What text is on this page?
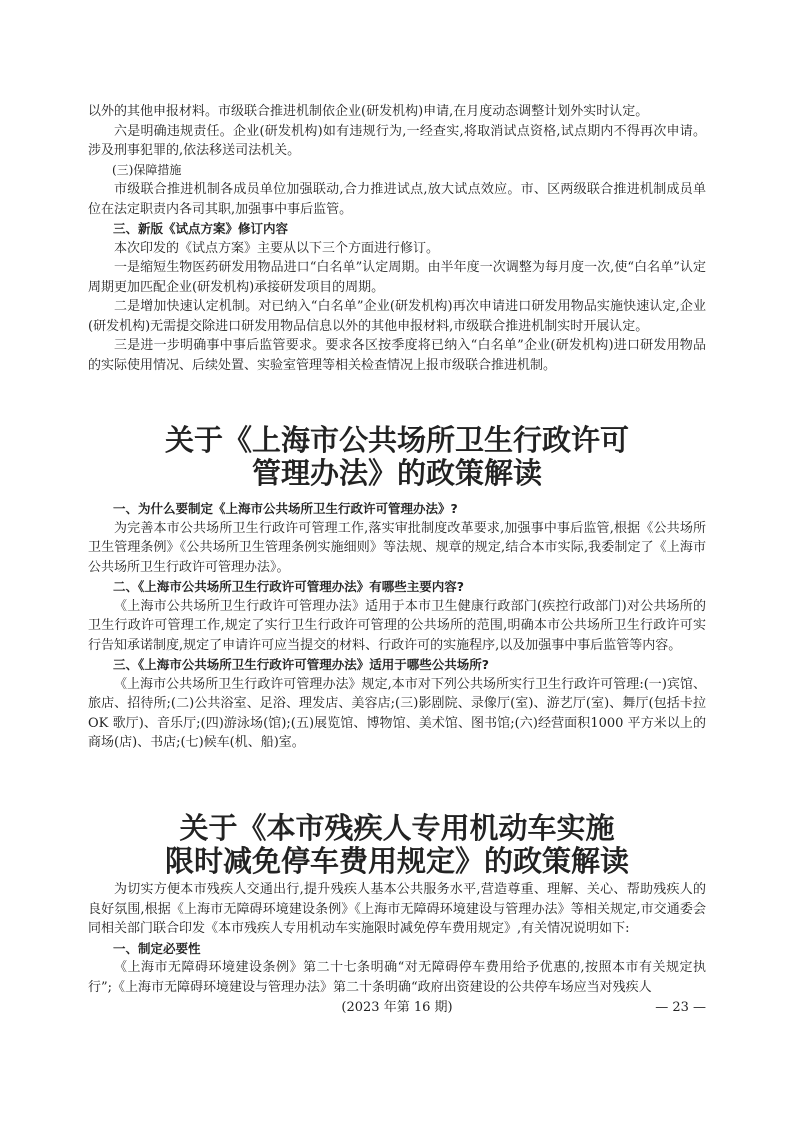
以外的其他申报材料。市级联合推进机制依企业(研发机构)申请,在月度动态调整计划外实时认定。

六是明确违规责任。企业(研发机构)如有违规行为,一经查实,将取消试点资格,试点期内不得再次申请。涉及刑事犯罪的,依法移送司法机关。

(三)保障措施

市级联合推进机制各成员单位加强联动,合力推进试点,放大试点效应。市、区两级联合推进机制成员单位在法定职责内各司其职,加强事中事后监管。

三、新版《试点方案》修订内容

本次印发的《试点方案》主要从以下三个方面进行修订。

一是缩短生物医药研发用物品进口“白名单”认定周期。由半年度一次调整为每月度一次,使“白名单”认定周期更加匹配企业(研发机构)承接研发项目的周期。

二是增加快速认定机制。对已纳入“白名单”企业(研发机构)再次申请进口研发用物品实施快速认定,企业(研发机构)无需提交除进口研发用物品信息以外的其他申报材料,市级联合推进机制实时开展认定。

三是进一步明确事中事后监管要求。要求各区按季度将已纳入“白名单”企业(研发机构)进口研发用物品的实际使用情况、后续处置、实验室管理等相关检查情况上报市级联合推进机制。

关于《上海市公共场所卫生行政许可
管理办法》的政策解读

一、为什么要制定《上海市公共场所卫生行政许可管理办法》?

为完善本市公共场所卫生行政许可管理工作,落实审批制度改革要求,加强事中事后监管,根据《公共场所卫生管理条例》《公共场所卫生管理条例实施细则》等法规、规章的规定,结合本市实际,我委制定了《上海市公共场所卫生行政许可管理办法》。

二、《上海市公共场所卫生行政许可管理办法》有哪些主要内容?

《上海市公共场所卫生行政许可管理办法》适用于本市卫生健康行政部门(疾控行政部门)对公共场所的卫生行政许可管理工作,规定了实行卫生行政许可管理的公共场所的范围,明确本市公共场所卫生行政许可实行告知承诺制度,规定了申请许可应当提交的材料、行政许可的实施程序,以及加强事中事后监管等内容。

三、《上海市公共场所卫生行政许可管理办法》适用于哪些公共场所?

《上海市公共场所卫生行政许可管理办法》规定,本市对下列公共场所实行卫生行政许可管理:(一)宾馆、旅店、招待所;(二)公共浴室、足浴、理发店、美容店;(三)影剧院、录像厅(室)、游艺厅(室)、舞厅(包括卡拉 OK 歌厅)、音乐厅;(四)游泳场(馆);(五)展览馆、博物馆、美术馆、图书馆;(六)经营面积1000 平方米以上的商场(店)、书店;(七)候车(机、船)室。

关于《本市残疾人专用机动车实施
限时减免停车费用规定》的政策解读

为切实方便本市残疾人交通出行,提升残疾人基本公共服务水平,营造尊重、理解、关心、帮助残疾人的良好氛围,根据《上海市无障碍环境建设条例》《上海市无障碍环境建设与管理办法》等相关规定,市交通委会同相关部门联合印发《本市残疾人专用机动车实施限时减免停车费用规定》,有关情况说明如下:

一、制定必要性

《上海市无障碍环境建设条例》第二十七条明确“对无障碍停车费用给予优惠的,按照本市有关规定执行”;《上海市无障碍环境建设与管理办法》第二十条明确“政府出资建设的公共停车场应当对残疾人

(2023 年第 16 期)	— 23 —
